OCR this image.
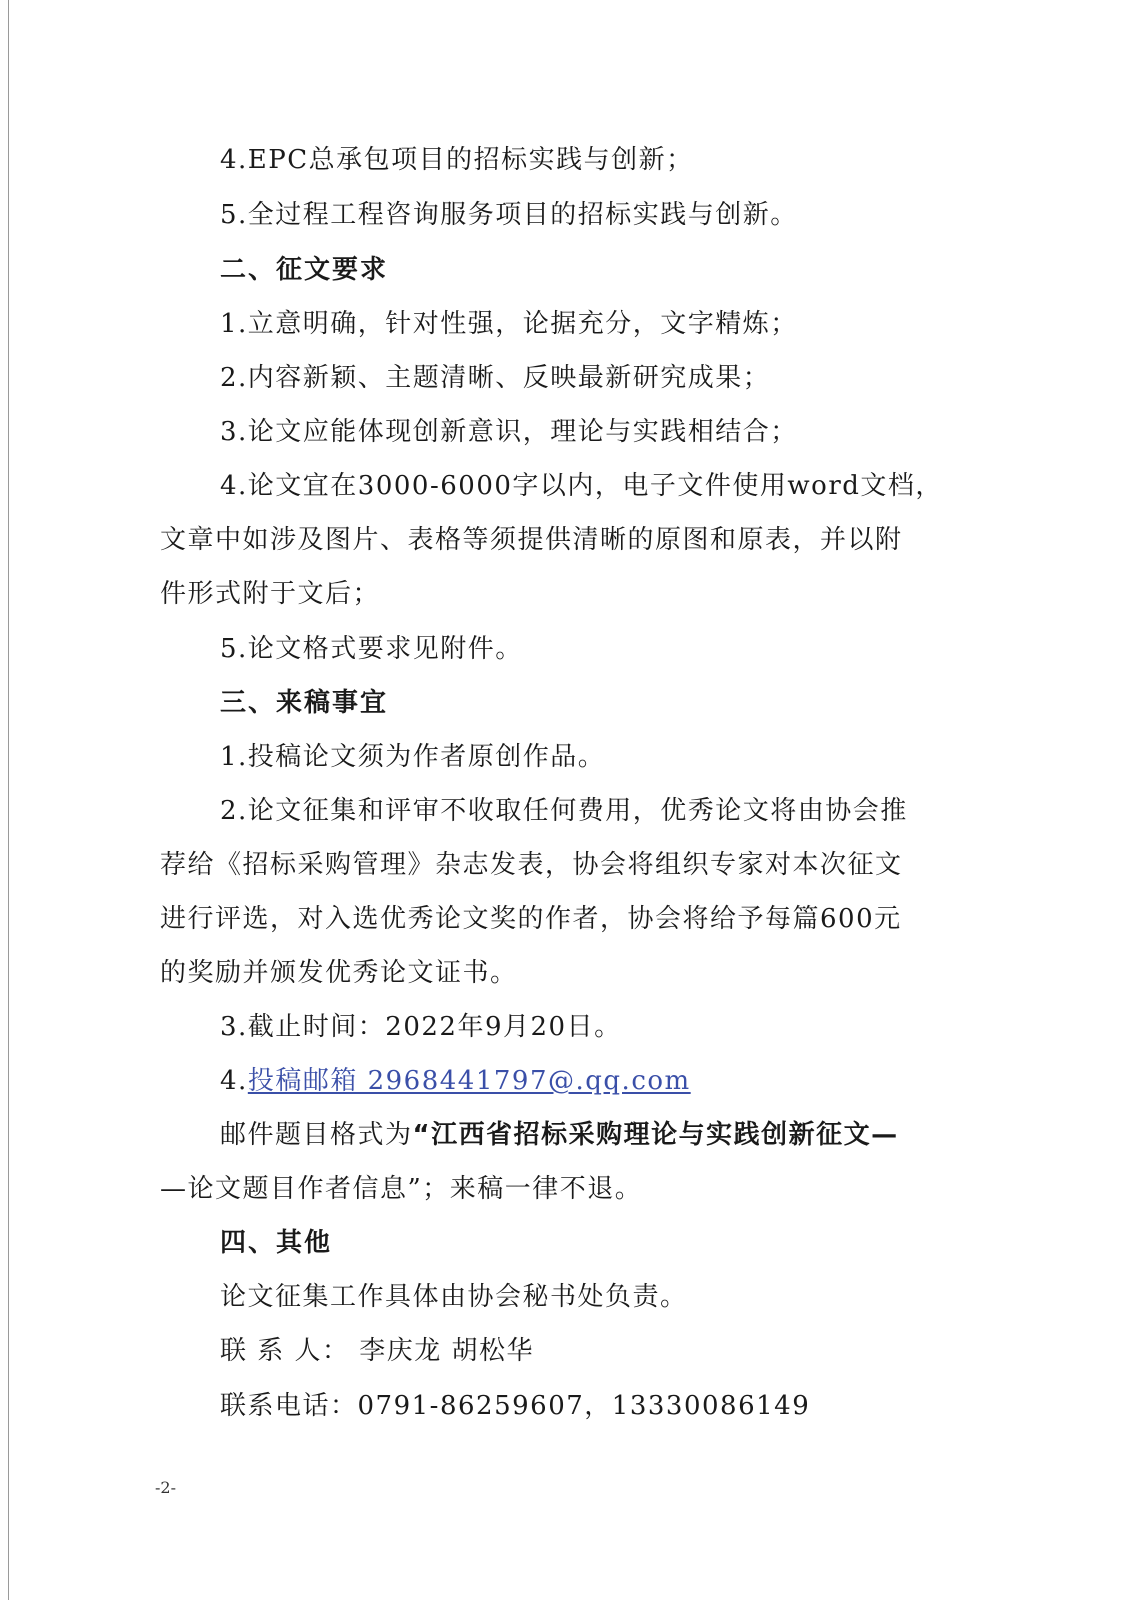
4.EPC总承包项目的招标实践与创新；
5.全过程工程咨询服务项目的招标实践与创新。
二、征文要求
1.立意明确，针对性强，论据充分，文字精炼；
2.内容新颖、主题清晰、反映最新研究成果；
3.论文应能体现创新意识，理论与实践相结合；
4.论文宜在3000-6000字以内，电子文件使用word文档，
文章中如涉及图片、表格等须提供清晰的原图和原表，并以附
件形式附于文后；
5.论文格式要求见附件。
三、来稿事宜
1.投稿论文须为作者原创作品。
2.论文征集和评审不收取任何费用，优秀论文将由协会推
荐给《招标采购管理》杂志发表，协会将组织专家对本次征文
进行评选，对入选优秀论文奖的作者，协会将给予每篇600元
的奖励并颁发优秀论文证书。
3.截止时间：2022年9月20日。
4.投稿邮箱 2968441797@.qq.com
邮件题目格式为“江西省招标采购理论与实践创新征文—
—论文题目作者信息”；来稿一律不退。
四、其他
论文征集工作具体由协会秘书处负责。
联 系 人： 李庆龙 胡松华
联系电话：0791-86259607，13330086149
-2-
